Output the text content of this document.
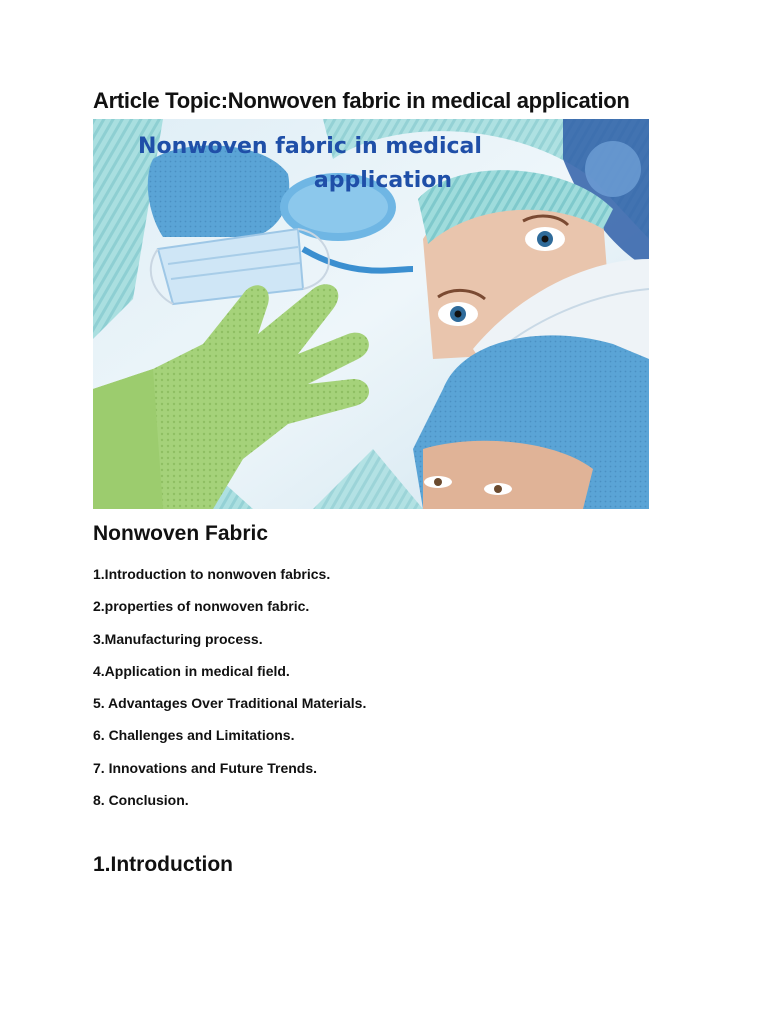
Article Topic:Nonwoven fabric in medical application
Nonwoven fabric in medical
application
Nonwoven Fabric
1.Introduction to nonwoven fabrics.
2.properties of nonwoven fabric.
3.Manufacturing process.
4.Application in medical field.
5. Advantages Over Traditional Materials.
6. Challenges and Limitations.
7. Innovations and Future Trends.
8. Conclusion.
1.Introduction
